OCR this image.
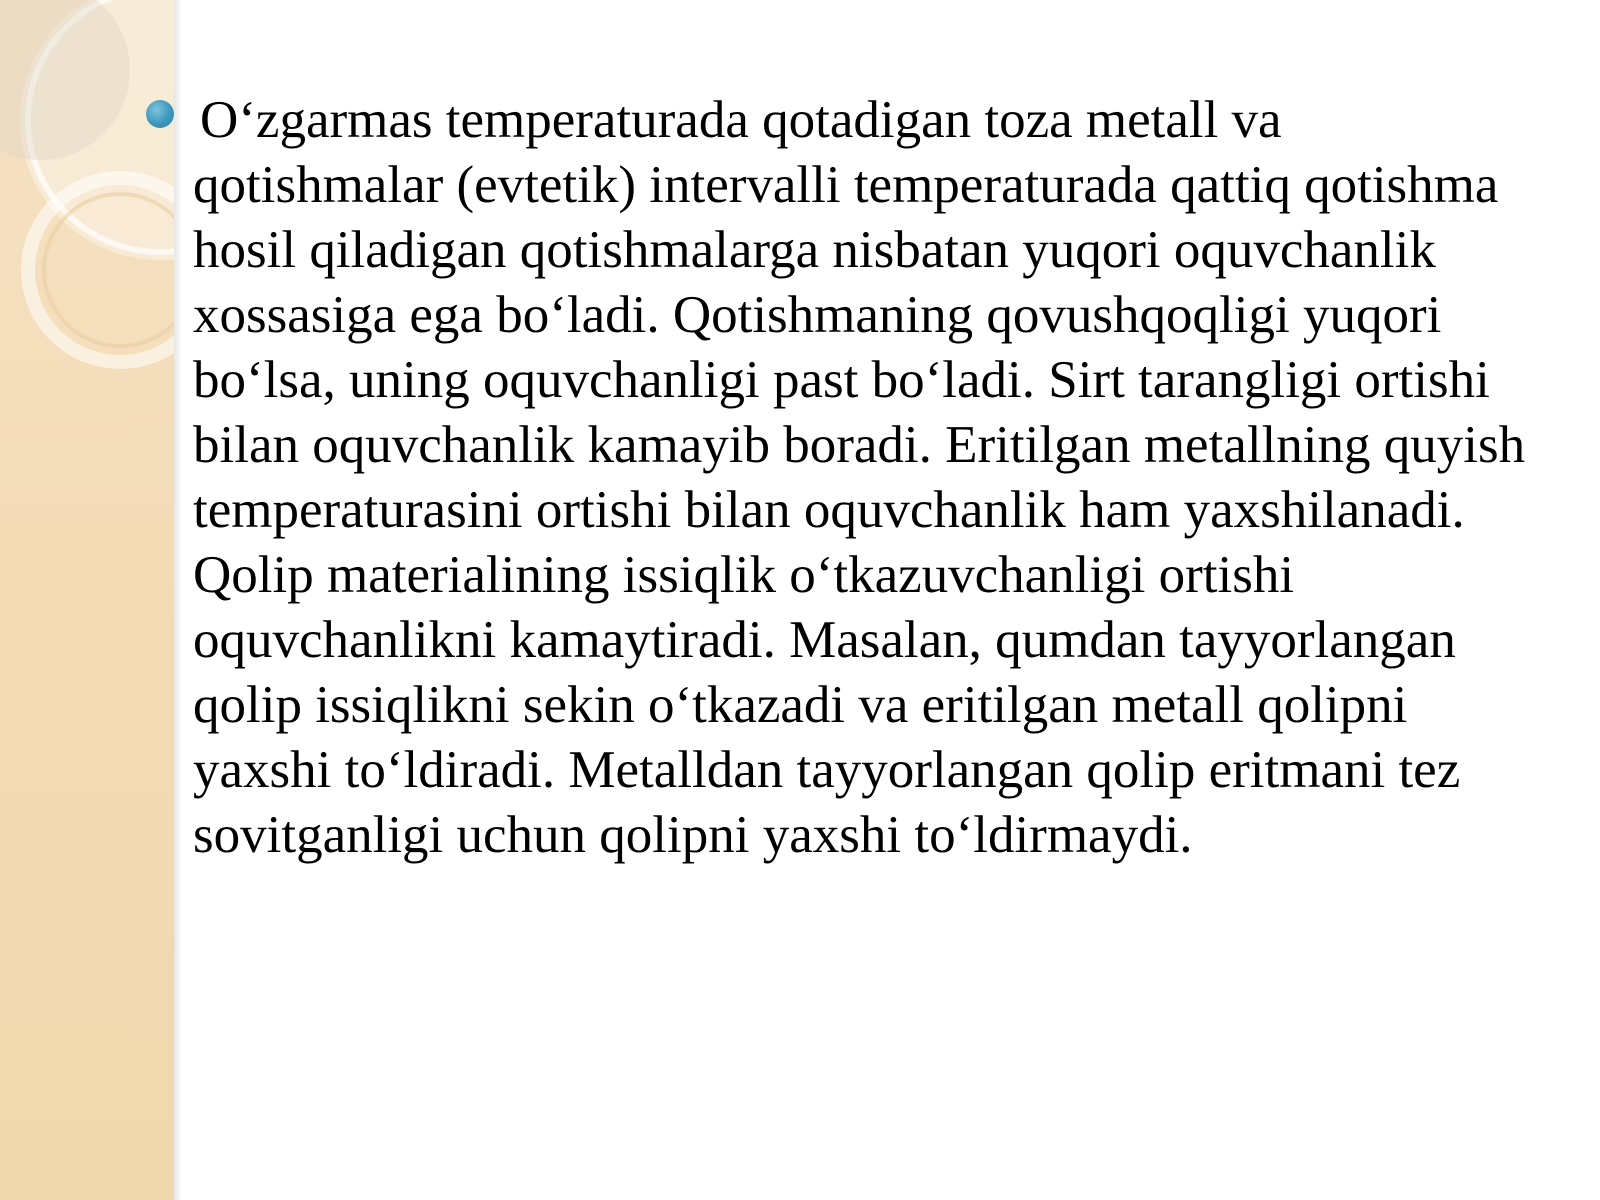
O‘zgarmas temperaturada qotadigan toza metall va qotishmalar (evtetik) intervalli temperaturada qattiq qotishma hosil qiladigan qotishmalarga nisbatan yuqori oquvchanlik xossasiga ega bo‘ladi. Qotishmaning qovushqoqligi yuqori bo‘lsa, uning oquvchanligi past bo‘ladi. Sirt tarangligi ortishi bilan oquvchanlik kamayib boradi. Eritilgan metallning quyish temperaturasini ortishi bilan oquvchanlik ham yaxshilanadi. Qolip materialining issiqlik o‘tkazuvchanligi ortishi oquvchanlikni kamaytiradi. Masalan, qumdan tayyorlangan qolip issiqlikni sekin o‘tkazadi va eritilgan metall qolipni yaxshi to‘ldiradi. Metalldan tayyorlangan qolip eritmani tez sovitganligi uchun qolipni yaxshi to‘ldirmaydi.
